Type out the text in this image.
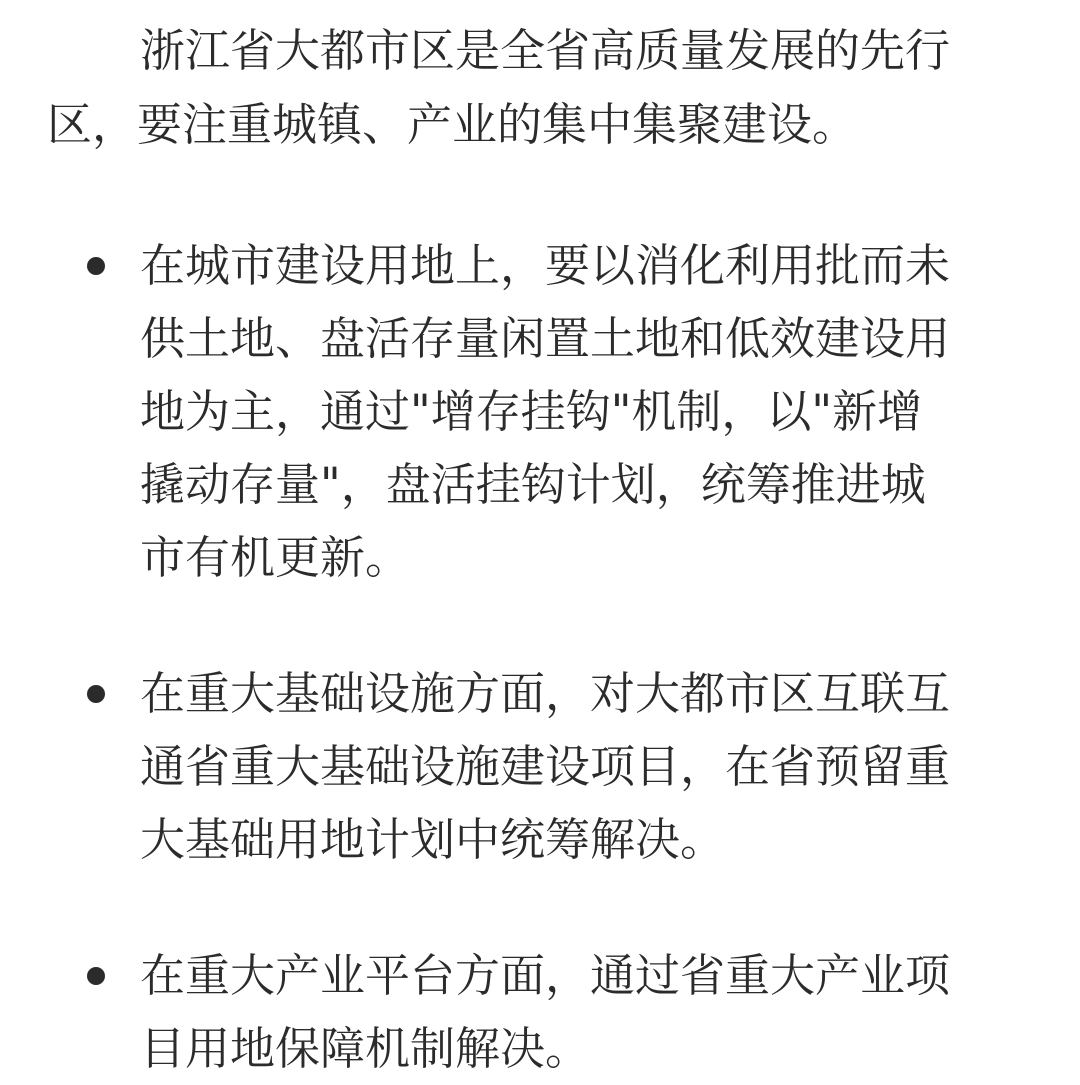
浙江省大都市区是全省高质量发展的先行
区，要注重城镇、产业的集中集聚建设。
在城市建设用地上，要以消化利用批而未
供土地、盘活存量闲置土地和低效建设用
地为主，通过"增存挂钩"机制，以"新增
撬动存量"，盘活挂钩计划，统筹推进城
市有机更新。
在重大基础设施方面，对大都市区互联互
通省重大基础设施建设项目，在省预留重
大基础用地计划中统筹解决。
在重大产业平台方面，通过省重大产业项
目用地保障机制解决。
